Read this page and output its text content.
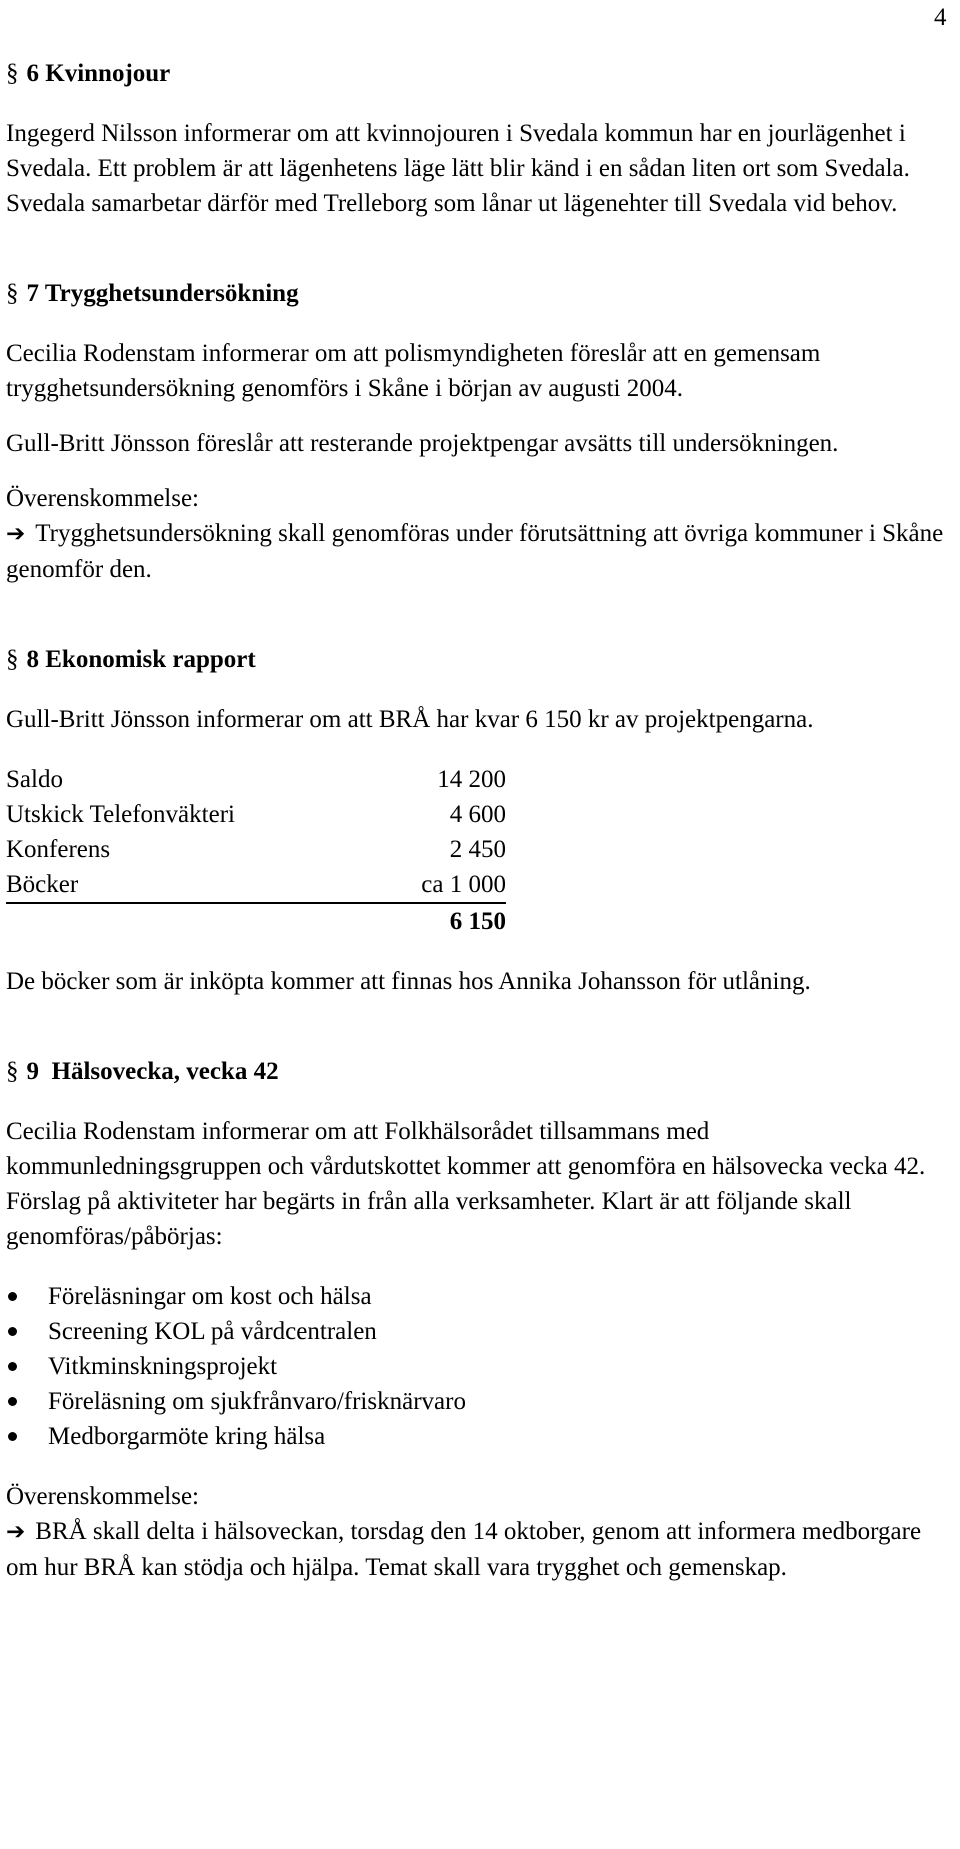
4
§ 6 Kvinnojour

Ingegerd Nilsson informerar om att kvinnojouren i Svedala kommun har en jourlägenhet i Svedala. Ett problem är att lägenhetens läge lätt blir känd i en sådan liten ort som Svedala. Svedala samarbetar därför med Trelleborg som lånar ut lägenehter till Svedala vid behov.

§ 7 Trygghetsundersökning

Cecilia Rodenstam informerar om att polismyndigheten föreslår att en gemensam trygghetsundersökning genomförs i Skåne i början av augusti 2004.

Gull-Britt Jönsson föreslår att resterande projektpengar avsätts till undersökningen.

Överenskommelse:

➔ Trygghetsundersökning skall genomföras under förutsättning att övriga kommuner i Skåne genomför den.

§ 8 Ekonomisk rapport

Gull-Britt Jönsson informerar om att BRÅ har kvar 6 150 kr av projektpengarna.

Saldo	14 200
Utskick Telefonväkteri	4 600
Konferens	2 450
Böcker	ca 1 000
	6 150

De böcker som är inköpta kommer att finnas hos Annika Johansson för utlåning.

§ 9 Hälsovecka, vecka 42

Cecilia Rodenstam informerar om att Folkhälsorådet tillsammans med kommunledningsgruppen och vårdutskottet kommer att genomföra en hälsovecka vecka 42. Förslag på aktiviteter har begärts in från alla verksamheter. Klart är att följande skall genomföras/påbörjas:

Föreläsningar om kost och hälsa
Screening KOL på vårdcentralen
Vitkminskningsprojekt
Föreläsning om sjukfrånvaro/frisknärvaro
Medborgarmöte kring hälsa

Överenskommelse:

➔ BRÅ skall delta i hälsoveckan, torsdag den 14 oktober, genom att informera medborgare om hur BRÅ kan stödja och hjälpa. Temat skall vara trygghet och gemenskap.
